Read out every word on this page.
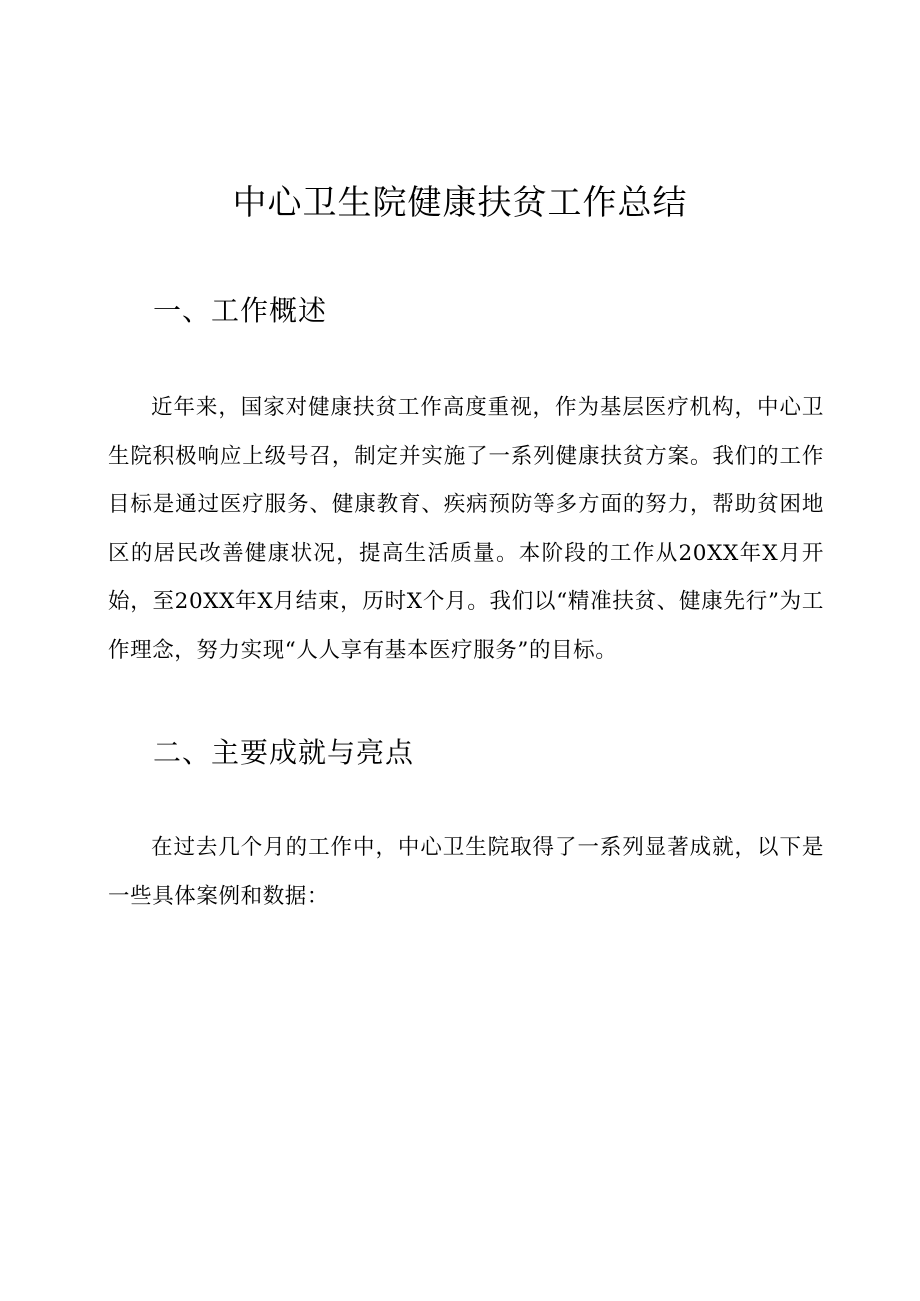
中心卫生院健康扶贫工作总结
一、工作概述

近年来，国家对健康扶贫工作高度重视，作为基层医疗机构，中心卫生院积极响应上级号召，制定并实施了一系列健康扶贫方案。我们的工作目标是通过医疗服务、健康教育、疾病预防等多方面的努力，帮助贫困地区的居民改善健康状况，提高生活质量。本阶段的工作从20XX年X月开始，至20XX年X月结束，历时X个月。我们以“精准扶贫、健康先行”为工作理念，努力实现“人人享有基本医疗服务”的目标。

二、主要成就与亮点

在过去几个月的工作中，中心卫生院取得了一系列显著成就，以下是一些具体案例和数据：
